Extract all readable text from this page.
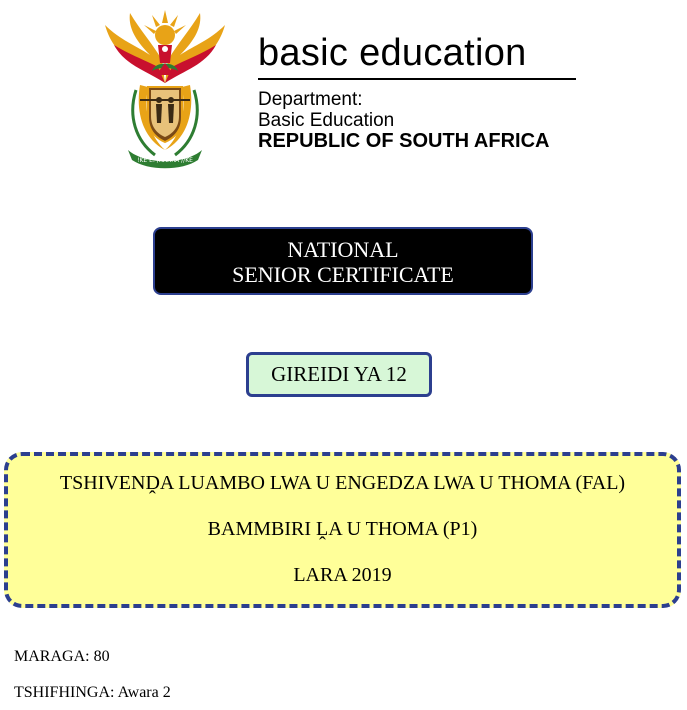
!KE E: /XARRA //KE
basic education
Department:
Basic Education
REPUBLIC OF SOUTH AFRICA
NATIONAL
SENIOR CERTIFICATE
GIREIDI YA 12
TSHIVENḒA LUAMBO LWA U ENGEDZA LWA U THOMA (FAL)
BAMMBIRI ḼA U THOMA (P1)
LARA 2019
MARAGA: 80
TSHIFHINGA: Awara 2
